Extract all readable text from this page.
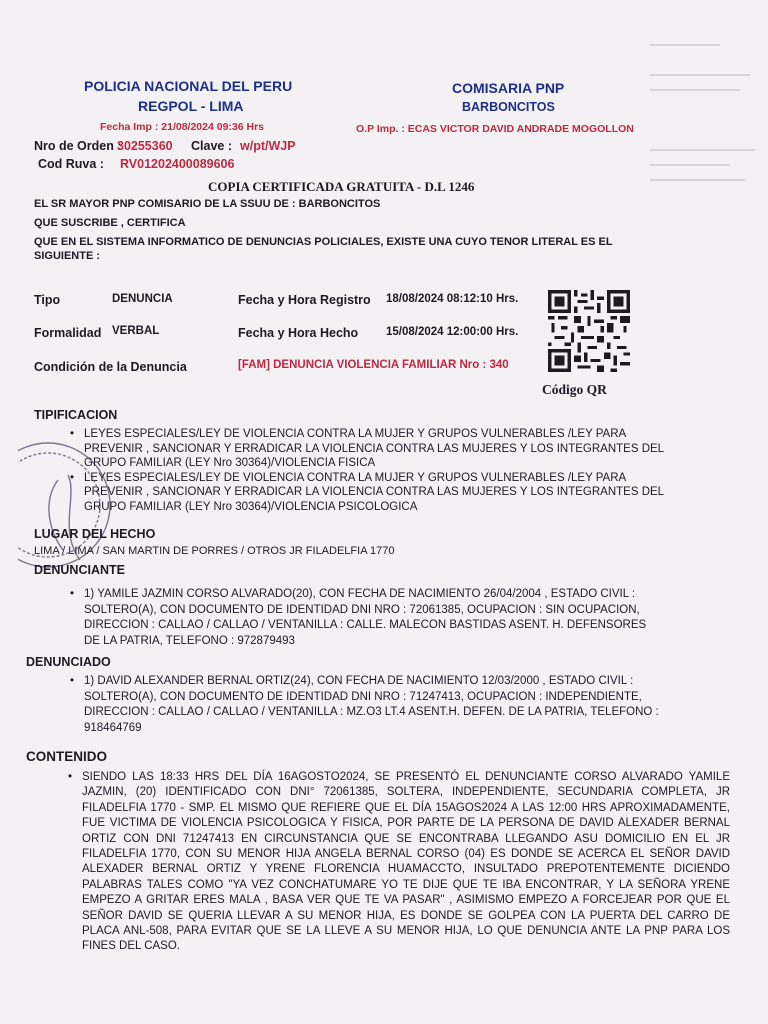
POLICIA NACIONAL DEL PERU
REGPOL - LIMA
COMISARIA PNP
BARBONCITOS
Fecha Imp : 21/08/2024 09:36 Hrs	O.P Imp. : ECAS VICTOR DAVID ANDRADE MOGOLLON
Nro de Orden :
30255360 Clave : w/pt/WJP
Cod Ruva : RV01202400089606
COPIA CERTIFICADA GRATUITA - D.L 1246
EL SR MAYOR PNP COMISARIO DE LA SSUU DE : BARBONCITOS
QUE SUSCRIBE , CERTIFICA
QUE EN EL SISTEMA INFORMATICO DE DENUNCIAS POLICIALES, EXISTE UNA CUYO TENOR LITERAL ES EL SIGUIENTE :
Tipo	DENUNCIA	Fecha y Hora Registro 18/08/2024 08:12:10 Hrs.
Formalidad VERBAL	Fecha y Hora Hecho 15/08/2024 12:00:00 Hrs.
Condición de la Denuncia	[FAM] DENUNCIA VIOLENCIA FAMILIAR Nro : 340
Código QR
TIPIFICACION
• LEYES ESPECIALES/LEY DE VIOLENCIA CONTRA LA MUJER Y GRUPOS VULNERABLES /LEY PARA PREVENIR , SANCIONAR Y ERRADICAR LA VIOLENCIA CONTRA LAS MUJERES Y LOS INTEGRANTES DEL GRUPO FAMILIAR (LEY Nro 30364)/VIOLENCIA FISICA
• LEYES ESPECIALES/LEY DE VIOLENCIA CONTRA LA MUJER Y GRUPOS VULNERABLES /LEY PARA PREVENIR , SANCIONAR Y ERRADICAR LA VIOLENCIA CONTRA LAS MUJERES Y LOS INTEGRANTES DEL GRUPO FAMILIAR (LEY Nro 30364)/VIOLENCIA PSICOLOGICA
LUGAR DEL HECHO
LIMA / LIMA / SAN MARTIN DE PORRES / OTROS JR FILADELFIA 1770
DENUNCIANTE
• 1) YAMILE JAZMIN CORSO ALVARADO(20), CON FECHA DE NACIMIENTO 26/04/2004 , ESTADO CIVIL : SOLTERO(A), CON DOCUMENTO DE IDENTIDAD DNI NRO : 72061385, OCUPACION : SIN OCUPACION, DIRECCION : CALLAO / CALLAO / VENTANILLA : CALLE. MALECON BASTIDAS ASENT. H. DEFENSORES DE LA PATRIA, TELEFONO : 972879493
DENUNCIADO
• 1) DAVID ALEXANDER BERNAL ORTIZ(24), CON FECHA DE NACIMIENTO 12/03/2000 , ESTADO CIVIL : SOLTERO(A), CON DOCUMENTO DE IDENTIDAD DNI NRO : 71247413, OCUPACION : INDEPENDIENTE, DIRECCION : CALLAO / CALLAO / VENTANILLA : MZ.O3 LT.4 ASENT.H. DEFEN. DE LA PATRIA, TELEFONO : 918464769
CONTENIDO
• SIENDO LAS 18:33 HRS DEL DÍA 16AGOSTO2024, SE PRESENTÓ EL DENUNCIANTE CORSO ALVARADO YAMILE JAZMIN, (20) IDENTIFICADO CON DNI° 72061385, SOLTERA, INDEPENDIENTE, SECUNDARIA COMPLETA, JR FILADELFIA 1770 - SMP. EL MISMO QUE REFIERE QUE EL DÍA 15AGOS2024 A LAS 12:00 HRS APROXIMADAMENTE, FUE VICTIMA DE VIOLENCIA PSICOLOGICA Y FISICA, POR PARTE DE LA PERSONA DE DAVID ALEXADER BERNAL ORTIZ CON DNI 71247413 EN CIRCUNSTANCIA QUE SE ENCONTRABA LLEGANDO ASU DOMICILIO EN EL JR FILADELFIA 1770, CON SU MENOR HIJA ANGELA BERNAL CORSO (04) ES DONDE SE ACERCA EL SEÑOR DAVID ALEXADER BERNAL ORTIZ Y YRENE FLORENCIA HUAMACCTO, INSULTADO PREPOTENTEMENTE DICIENDO PALABRAS TALES COMO "YA VEZ CONCHATUMARE YO TE DIJE QUE TE IBA ENCONTRAR, Y LA SEÑORA YRENE EMPEZO A GRITAR ERES MALA , BASA VER QUE TE VA PASAR" , ASIMISMO EMPEZO A FORCEJEAR POR QUE EL SEÑOR DAVID SE QUERIA LLEVAR A SU MENOR HIJA, ES DONDE SE GOLPEA CON LA PUERTA DEL CARRO DE PLACA ANL-508, PARA EVITAR QUE SE LA LLEVE A SU MENOR HIJA, LO QUE DENUNCIA ANTE LA PNP PARA LOS FINES DEL CASO.
